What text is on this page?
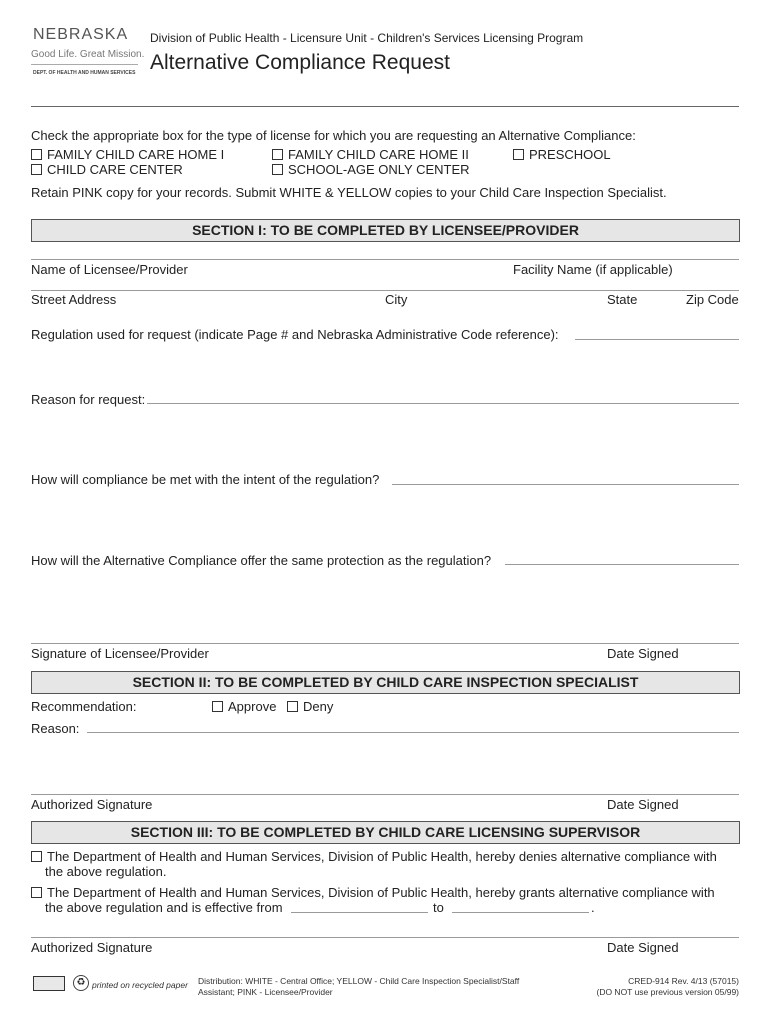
NEBRASKA
Good Life. Great Mission.
DEPT. OF HEALTH AND HUMAN SERVICES
Division of Public Health - Licensure Unit - Children's Services Licensing Program
Alternative Compliance Request
Check the appropriate box for the type of license for which you are requesting an Alternative Compliance:
FAMILY CHILD CARE HOME I	FAMILY CHILD CARE HOME II	PRESCHOOL
CHILD CARE CENTER	SCHOOL-AGE ONLY CENTER
Retain PINK copy for your records. Submit WHITE & YELLOW copies to your Child Care Inspection Specialist.
SECTION I: TO BE COMPLETED BY LICENSEE/PROVIDER
Name of Licensee/Provider	Facility Name (if applicable)
Street Address	City	State	Zip Code
Regulation used for request (indicate Page # and Nebraska Administrative Code reference):
Reason for request:
How will compliance be met with the intent of the regulation?
How will the Alternative Compliance offer the same protection as the regulation?
Signature of Licensee/Provider	Date Signed
SECTION II: TO BE COMPLETED BY CHILD CARE INSPECTION SPECIALIST
Recommendation:	Approve	Deny
Reason:
Authorized Signature	Date Signed
SECTION III: TO BE COMPLETED BY CHILD CARE LICENSING SUPERVISOR
The Department of Health and Human Services, Division of Public Health, hereby denies alternative compliance with
the above regulation.
The Department of Health and Human Services, Division of Public Health, hereby grants alternative compliance with
the above regulation and is effective from	to	.
Authorized Signature	Date Signed
♻ printed on recycled paper Distribution: WHITE - Central Office; YELLOW - Child Care Inspection Specialist/Staff
Assistant; PINK - Licensee/Provider
CRED-914 Rev. 4/13 (57015)
(DO NOT use previous version 05/99)
